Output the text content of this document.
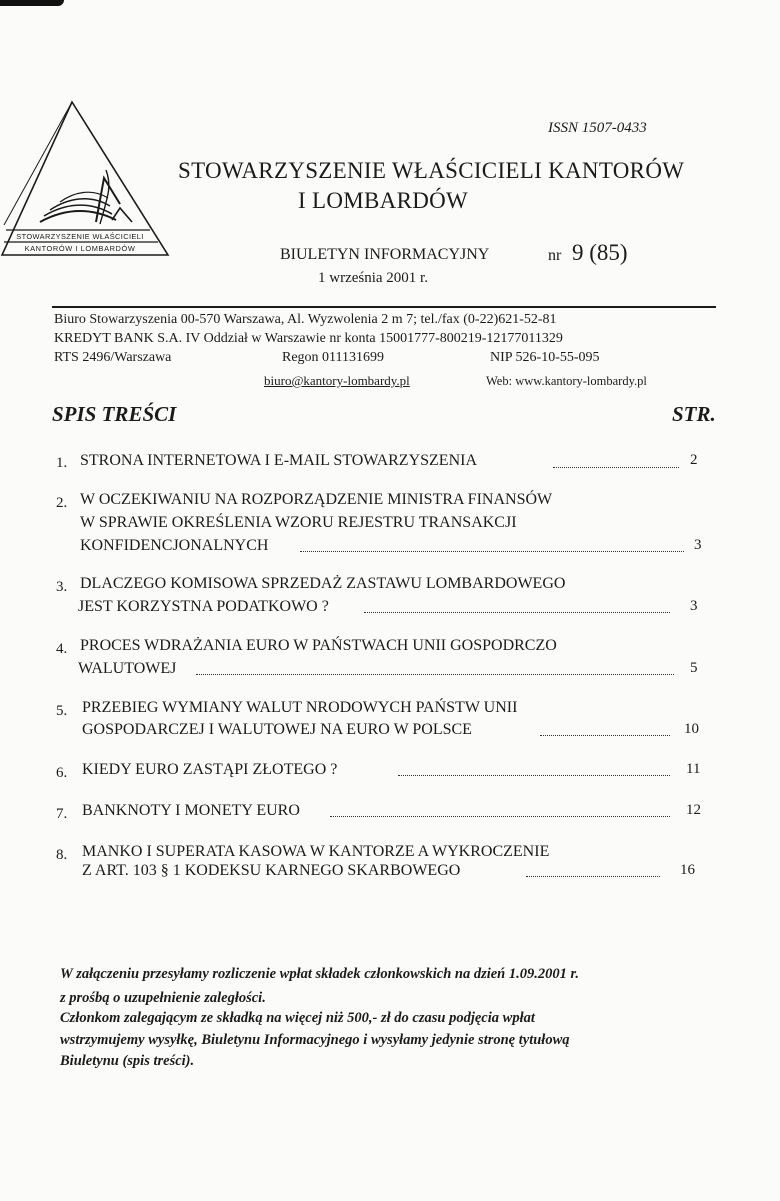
STOWARZYSZENIE WŁAŚCICIELI
KANTORÓW I LOMBARDÓW
ISSN 1507-0433
STOWARZYSZENIE WŁAŚCICIELI KANTORÓW
I LOMBARDÓW
BIULETYN INFORMACYJNY	nr 9 (85)
1 września 2001 r.
Biuro Stowarzyszenia 00-570 Warszawa, Al. Wyzwolenia 2 m 7; tel./fax (0-22)621-52-81
KREDYT BANK S.A. IV Oddział w Warszawie nr konta 15001777-800219-12177011329
RTS 2496/Warszawa	Regon 011131699	NIP 526-10-55-095
biuro@kantory-lombardy.pl	Web: www.kantory-lombardy.pl
SPIS TREŚCI	STR.
1. STRONA INTERNETOWA I E-MAIL STOWARZYSZENIA	2
2. W OCZEKIWANIU NA ROZPORZĄDZENIE MINISTRA FINANSÓW
W SPRAWIE OKREŚLENIA WZORU REJESTRU TRANSAKCJI
KONFIDENCJONALNYCH	3
3. DLACZEGO KOMISOWA SPRZEDAŻ ZASTAWU LOMBARDOWEGO
JEST KORZYSTNA PODATKOWO ?	3
4. PROCES WDRAŻANIA EURO W PAŃSTWACH UNII GOSPODRCZO
WALUTOWEJ	5
5. PRZEBIEG WYMIANY WALUT NRODOWYCH PAŃSTW UNII
GOSPODARCZEJ I WALUTOWEJ NA EURO W POLSCE	10
6. KIEDY EURO ZASTĄPI ZŁOTEGO ?	11
7. BANKNOTY I MONETY EURO	12
8. MANKO I SUPERATA KASOWA W KANTORZE A WYKROCZENIE
Z ART. 103 § 1 KODEKSU KARNEGO SKARBOWEGO	16
W załączeniu przesyłamy rozliczenie wpłat składek członkowskich na dzień 1.09.2001 r.
z prośbą o uzupełnienie zaległości.
Członkom zalegającym ze składką na więcej niż 500,- zł do czasu podjęcia wpłat
wstrzymujemy wysyłkę, Biuletynu Informacyjnego i wysyłamy jedynie stronę tytułową
Biuletynu (spis treści).
